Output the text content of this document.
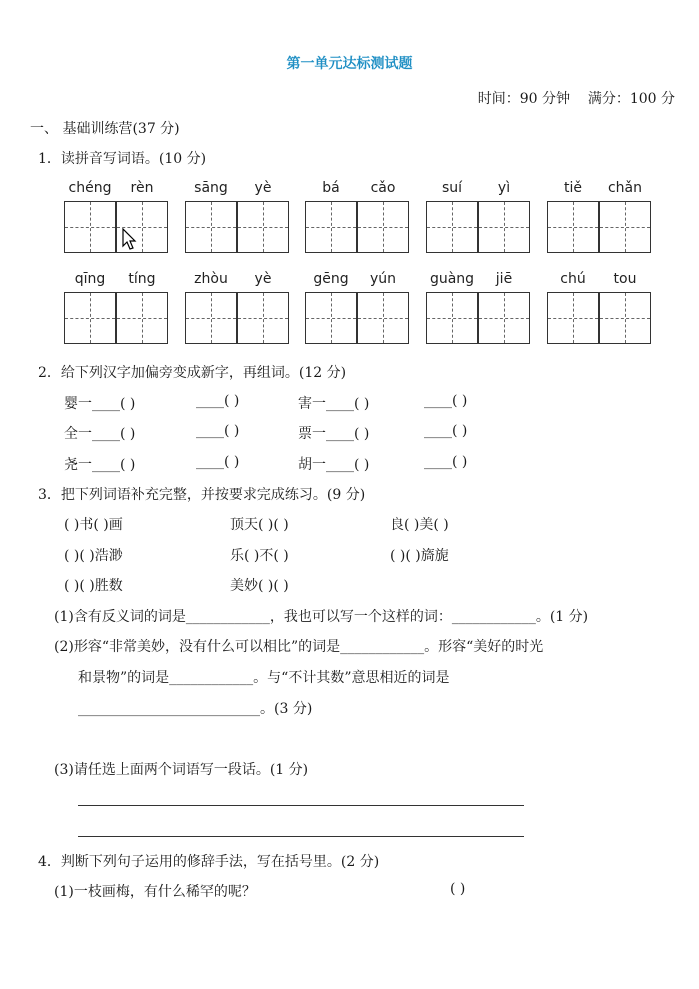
第一单元达标测试题
时间：90 分钟 满分：100 分
一、 基础训练营(37 分)
1．读拼音写词语。(10 分)
chéng	rèn	sāng	yè	bá	cǎo	suí	yì	tiě	chǎn
qīng	tíng	zhòu	yè	gēng	yún	guàng	jiē	chú	tou
2．给下列汉字加偏旁变成新字，再组词。(12 分)
婴一____( )	____( )	害一____( )	____( )
全一____( )	____( )	票一____( )	____( )
尧一____( )	____( )	胡一____( )	____( )
3．把下列词语补充完整，并按要求完成练习。(9 分)
( )书( )画	顶天( )( )	良( )美( )
( )( )浩渺	乐( )不( )	( )( )旖旎
( )( )胜数	美妙( )( )
(1)含有反义词的词是____________，我也可以写一个这样的词：____________。(1 分)
(2)形容“非常美妙，没有什么可以相比”的词是____________。形容“美好的时光
和景物”的词是____________。与“不计其数”意思相近的词是
__________________________。(3 分)
(3)请任选上面两个词语写一段话。(1 分)
4．判断下列句子运用的修辞手法，写在括号里。(2 分)
(1)一枝画梅，有什么稀罕的呢？	( )
